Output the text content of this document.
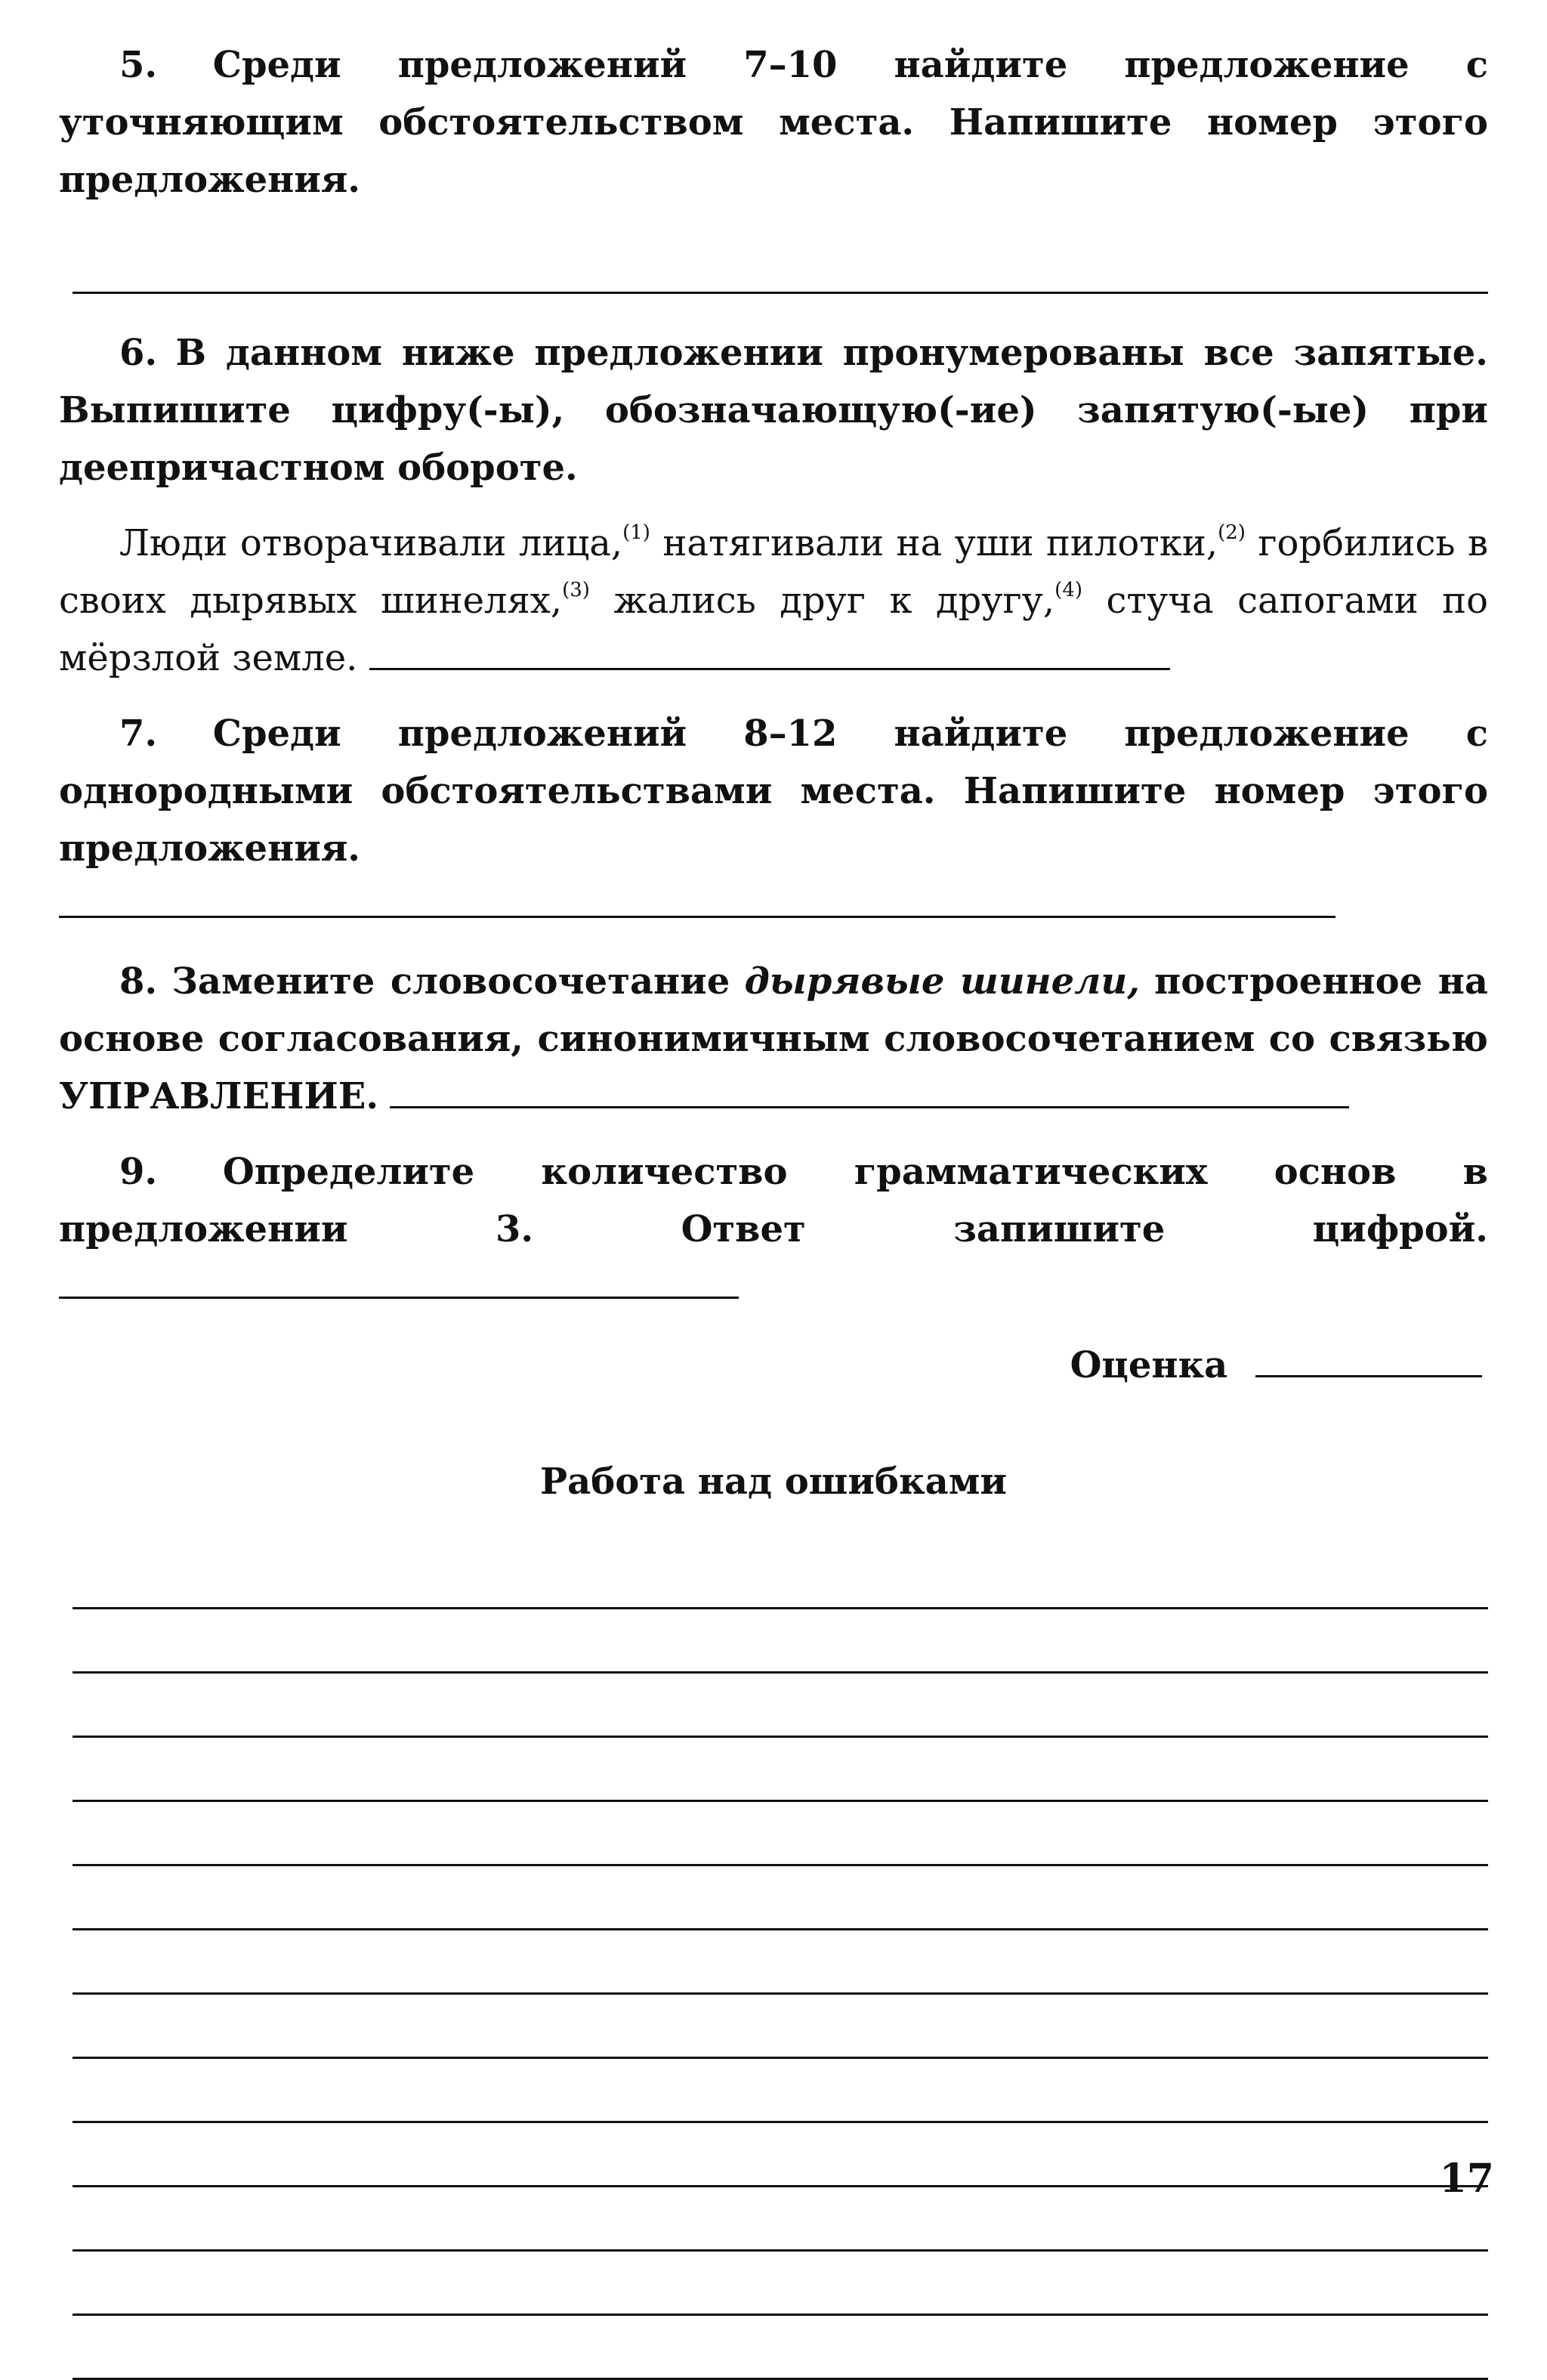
5. Среди предложений 7–10 найдите предложение с уточняющим обстоятельством места. Напишите номер этого предложения.
6. В данном ниже предложении пронумерованы все запятые. Выпишите цифру(-ы), обозначающую(-ие) запятую(-ые) при деепричастном обороте.
Люди отворачивали лица,$^{(1)}$ натягивали на уши пилотки,$^{(2)}$ горбились в своих дырявых шинелях,$^{(3)}$ жались друг к другу,$^{(4)}$ стуча сапогами по мёрзлой земле.
7. Среди предложений 8–12 найдите предложение с однородными обстоятельствами места. Напишите номер этого предложения.
8. Замените словосочетание дырявые шинели, построенное на основе согласования, синонимичным словосочетанием со связью УПРАВЛЕНИЕ.
9. Определите количество грамматических основ в предложении 3. Ответ запишите цифрой.
Оценка
Работа над ошибками
17
